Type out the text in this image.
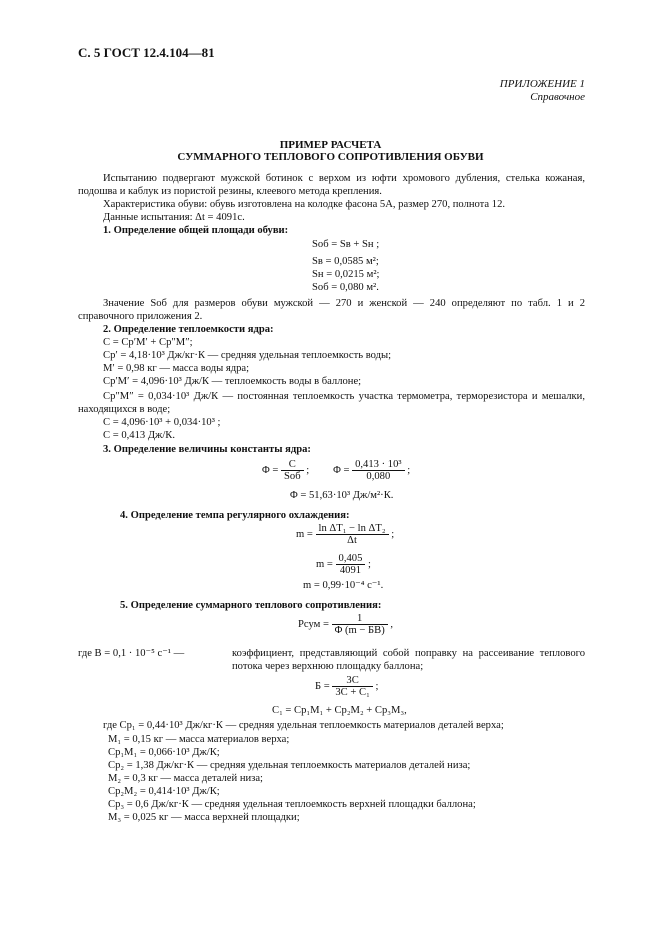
С. 5 ГОСТ 12.4.104—81
ПРИЛОЖЕНИЕ 1
Справочное
ПРИМЕР РАСЧЕТА
СУММАРНОГО ТЕПЛОВОГО СОПРОТИВЛЕНИЯ ОБУВИ
Испытанию подвергают мужской ботинок с верхом из юфти хромового дубления, стелька кожаная, подошва и каблук из пористой резины, клеевого метода крепления.
Характеристика обуви: обувь изготовлена на колодке фасона 5А, размер 270, полнота 12.
Данные испытания: Δt = 4091с.
1. Определение общей площади обуви:
Sоб = Sв + Sн ;
Sв = 0,0585 м²;
Sн = 0,0215 м²;
Sоб = 0,080 м².
Значение Sоб для размеров обуви мужской — 270 и женской — 240 определяют по табл. 1 и 2 справочного приложения 2.
2. Определение теплоемкости ядра:
C = Cp′M′ + Cp″M″;
Cp′ = 4,18·10³ Дж/кг·К — средняя удельная теплоемкость воды;
M′ = 0,98 кг — масса воды ядра;
Cp′M′ = 4,096·10³ Дж/К — теплоемкость воды в баллоне;
Cp″M″ = 0,034·10³ Дж/К — постоянная теплоемкость участка термометра, терморезистора и мешалки, находящихся в воде;
C = 4,096·10³ + 0,034·10³ ;
C = 0,413 Дж/К.
3. Определение величины константы ядра:
$\Phi = \frac{C}{\text{Sоб}}$ ; $\Phi = \frac{\text{0,413 · 10³}}{0,080}$ ;
Φ = 51,63·10³ Дж/м²·К.
4. Определение темпа регулярного охлаждения:
$m = \frac{\text{ln ΔT₁ − ln ΔT₂}}{\Delta t}$ ;
$m = \frac{0,405}{4091}$ ;
m = 0,99·10⁻⁴ с⁻¹.
5. Определение суммарного теплового сопротивления:
Pсум = $\frac{1}{\Phi (m - БВ)}$ ,
где В = 0,1 · 10⁻⁵ с⁻¹ —	коэффициент, представляющий собой поправку на рассеивание теплового потока через верхнюю площадку баллона;
$Б = \frac{3C}{\text{3C + C₁}}$ ;
C₁ = Cp₁M₁ + Cp₂M₂ + Cp₃M₃,
где Cp₁ = 0,44·10³ Дж/кг·К — средняя удельная теплоемкость материалов деталей верха;
M₁ = 0,15 кг — масса материалов верха;
Cp₁M₁ = 0,066·10³ Дж/К;
Cp₂ = 1,38 Дж/кг·К — средняя удельная теплоемкость материалов деталей низа;
M₂ = 0,3 кг — масса деталей низа;
Cp₂M₂ = 0,414·10³ Дж/К;
Cp₃ = 0,6 Дж/кг·К — средняя удельная теплоемкость верхней площадки баллона;
M₃ = 0,025 кг — масса верхней площадки;
